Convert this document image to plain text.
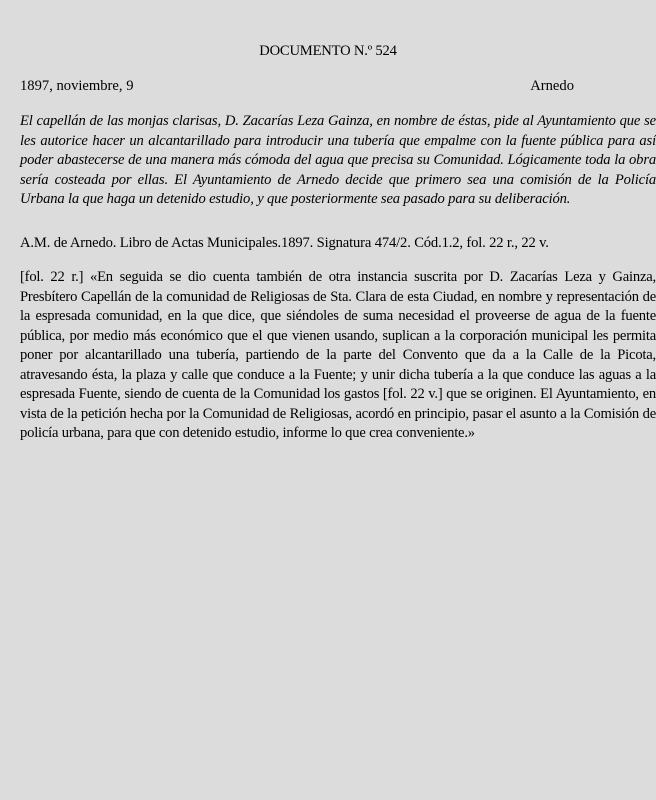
DOCUMENTO N.º 524
1897, noviembre, 9	Arnedo
El capellán de las monjas clarisas, D. Zacarías Leza Gainza, en nombre de éstas, pide al Ayuntamiento que se les autorice hacer un alcantarillado para introducir una tubería que empalme con la fuente pública para así poder abastecerse de una manera más cómoda del agua que precisa su Comunidad. Lógicamente toda la obra sería costeada por ellas. El Ayuntamiento de Arnedo decide que primero sea una comisión de la Policía Urbana la que haga un detenido estudio, y que posteriormente sea pasado para su deliberación.
A.M. de Arnedo. Libro de Actas Municipales.1897. Signatura 474/2. Cód.1.2, fol. 22 r., 22 v.
[fol. 22 r.] «En seguida se dio cuenta también de otra instancia suscrita por D. Zacarías Leza y Gainza, Presbítero Capellán de la comunidad de Religiosas de Sta. Clara de esta Ciudad, en nombre y representación de la espresada comunidad, en la que dice, que siéndoles de suma necesidad el proveerse de agua de la fuente pública, por medio más económico que el que vienen usando, suplican a la corporación municipal les permita poner por alcantarillado una tubería, partiendo de la parte del Convento que da a la Calle de la Picota, atravesando ésta, la plaza y calle que conduce a la Fuente; y unir dicha tubería a la que conduce las aguas a la espresada Fuente, siendo de cuenta de la Comunidad los gastos [fol. 22 v.] que se originen. El Ayuntamiento, en vista de la petición hecha por la Comunidad de Religiosas, acordó en principio, pasar el asunto a la Comisión de policía urbana, para que con detenido estudio, informe lo que crea conveniente.»
